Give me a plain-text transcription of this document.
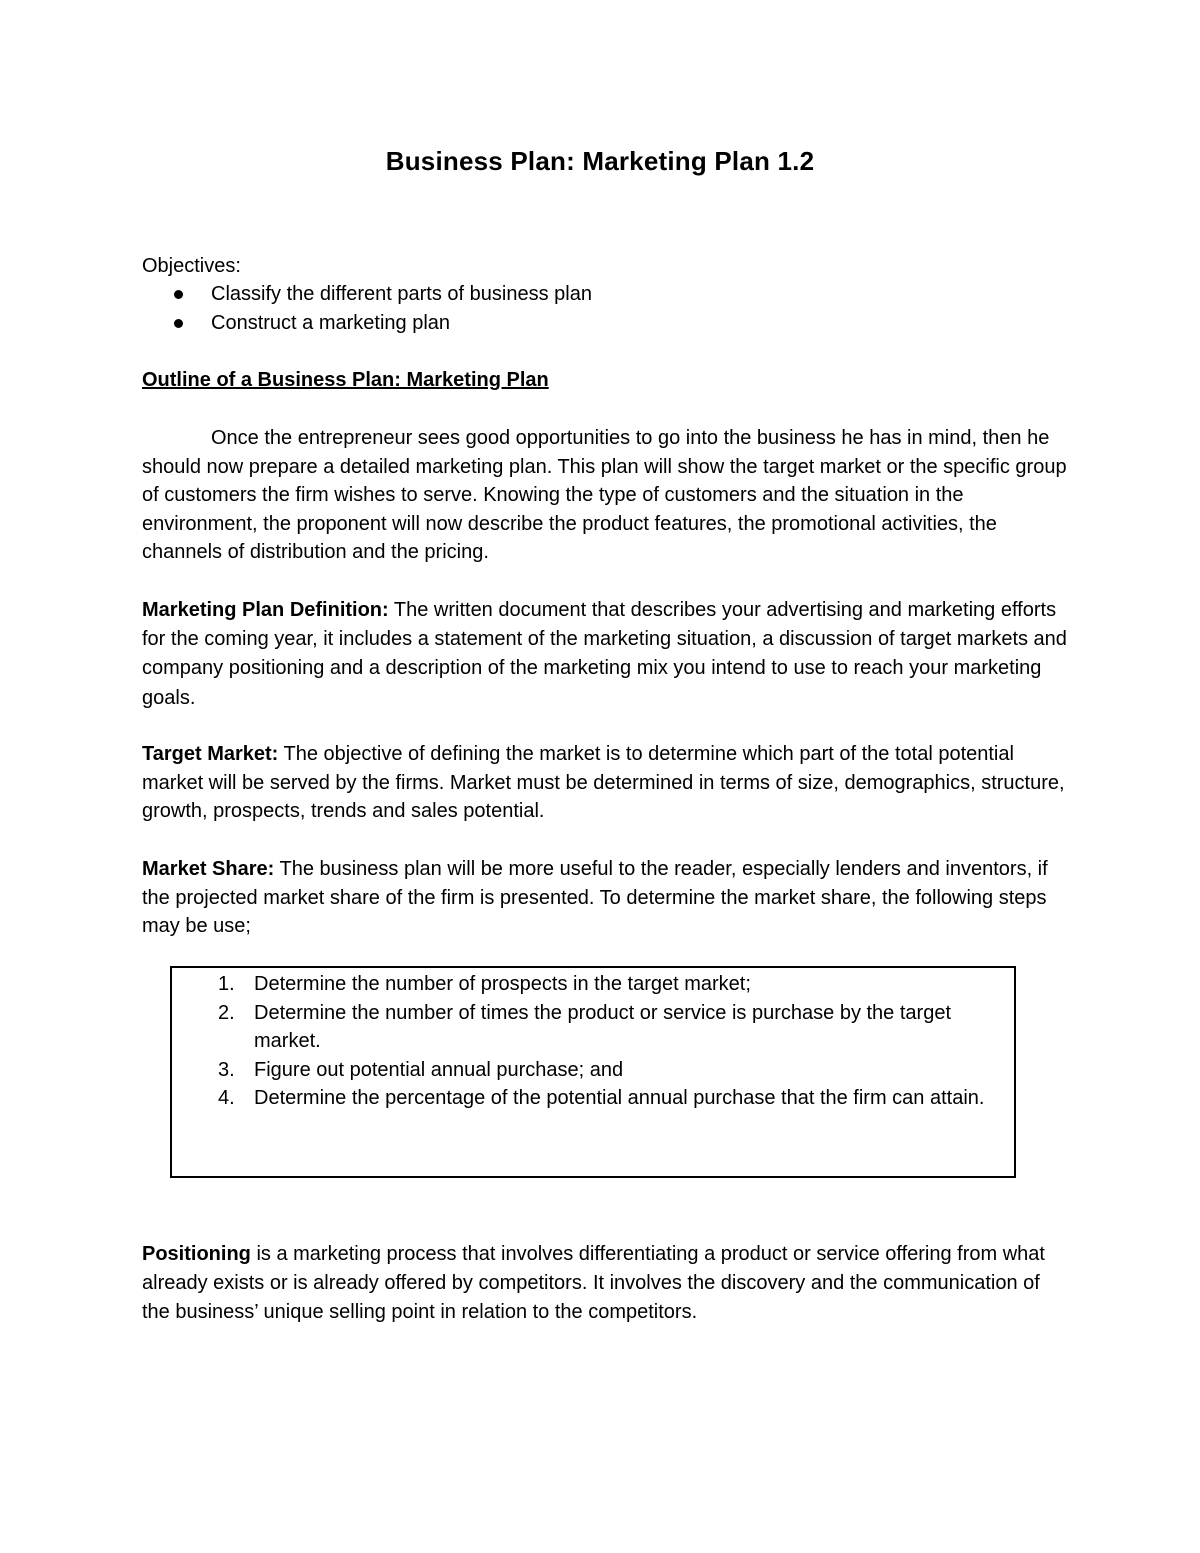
Business Plan: Marketing Plan 1.2
Objectives:
Classify the different parts of business plan
Construct a marketing plan
Outline of a Business Plan: Marketing Plan
Once the entrepreneur sees good opportunities to go into the business he has in mind, then he should now prepare a detailed marketing plan. This plan will show the target market or the specific group of customers the firm wishes to serve. Knowing the type of customers and the situation in the environment, the proponent will now describe the product features, the promotional activities, the channels of distribution and the pricing.
Marketing Plan Definition: The written document that describes your advertising and marketing efforts for the coming year, it includes a statement of the marketing situation, a discussion of target markets and company positioning and a description of the marketing mix you intend to use to reach your marketing goals.
Target Market: The objective of defining the market is to determine which part of the total potential market will be served by the firms. Market must be determined in terms of size, demographics, structure, growth, prospects, trends and sales potential.
Market Share: The business plan will be more useful to the reader, especially lenders and inventors, if the projected market share of the firm is presented. To determine the market share, the following steps may be use;
1. Determine the number of prospects in the target market;
2. Determine the number of times the product or service is purchase by the target market.
3. Figure out potential annual purchase; and
4. Determine the percentage of the potential annual purchase that the firm can attain.
Positioning is a marketing process that involves differentiating a product or service offering from what already exists or is already offered by competitors. It involves the discovery and the communication of the business’ unique selling point in relation to the competitors.
